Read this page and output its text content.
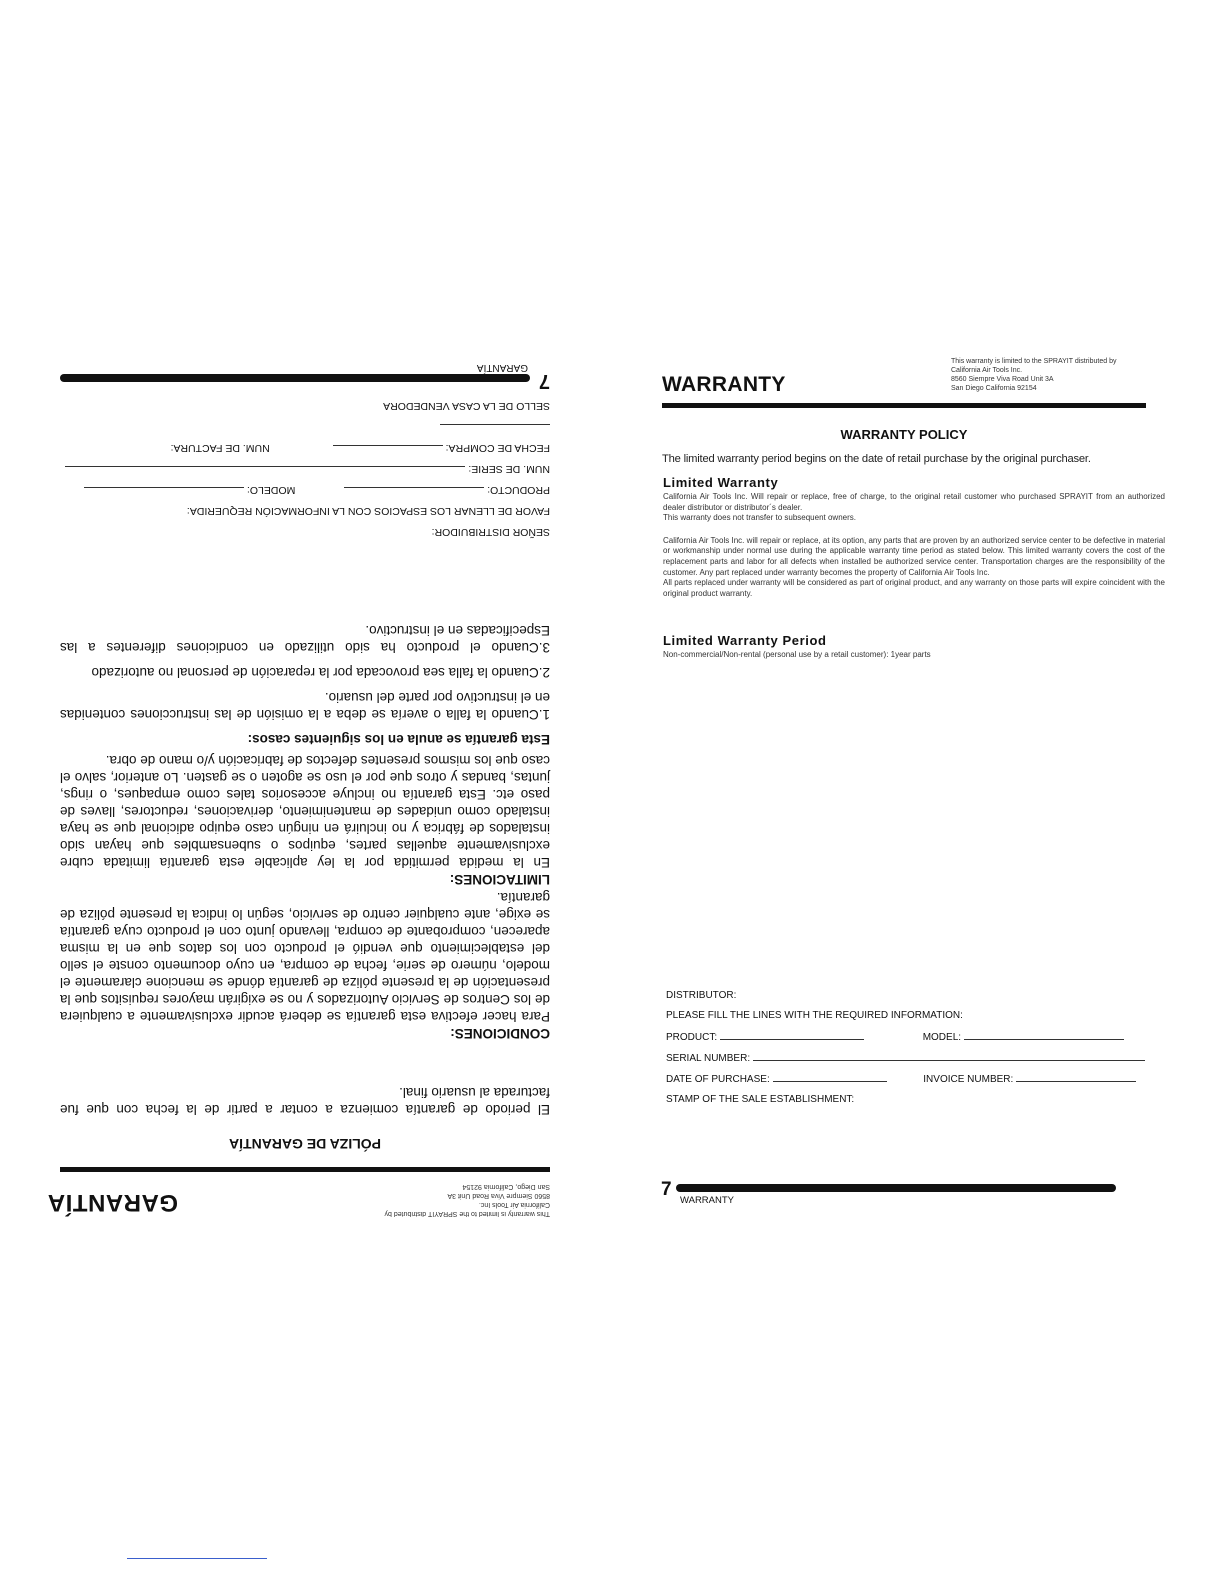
This warranty is limited to the SPRAYIT distributed by
California Air Tools Inc.
8560 Siempre Viva Road Unit 3A
San Diego, California 92154
GARANTÍA
PÓLIZA DE GARANTÍA
El periodo de garantía comienza a contar a partir de la fecha con que fue facturada al usuario final.
CONDICIONES:
Para hacer efectiva esta garantía se deberá acudir exclusivamente a cualquiera de los Centros de Servicio Autorizados y no se exigirán mayores requisitos que la presentación de la presente póliza de garantía dónde se mencione claramente el modelo, número de serie, fecha de compra, en cuyo documento conste el sello del establecimiento que vendió el producto con los datos que en la misma aparecen, comprobante de compra, llevando junto con el producto cuya garantía se exige, ante cualquier centro de servicio, según lo indica la presente póliza de garantía.
LIMITACIONES:
En la medida permitida por la ley aplicable esta garantía limitada cubre exclusivamente aquellas partes, equipos o subensambles que hayan sido instalados de fábrica y no incluirá en ningún caso equipo adicional que se haya instalado como unidades de mantenimiento, derivaciones, reductores, llaves de paso etc. Esta garantía no incluye accesorios tales como empaques, o rings, juntas, bandas y otros que por el uso se agoten o se gasten. Lo anterior, salvo el caso que los mismos presentes defectos de fabricación y/o mano de obra.
Esta garantía se anula en los siguientes casos:
1.Cuando la falla o avería se deba a la omisión de las instrucciones contenidas en el instructivo por parte del usuario.
2.Cuando la falla sea provocada por la reparación de personal no autorizado
3.Cuando el producto ha sido utilizado en condiciones diferentes a las Especificadas en el instructivo.
SEÑOR DISTRIBUIDOR:
FAVOR DE LLENAR LOS ESPACIOS CON LA INFORMACIÓN REQUERIDA:
PRODUCTO:  MODELO:
NUM. DE SERIE:
FECHA DE COMPRA:  NUM. DE FACTURA:
SELLO DE LA CASA VENDEDORA
7
GARANTÍA
WARRANTY
This warranty is limited to the SPRAYIT distributed by
California Air Tools Inc.
8560 Siempre Viva Road Unit 3A
San Diego California 92154
WARRANTY POLICY
The limited warranty period begins on the date of retail purchase by the original purchaser.
Limited Warranty

California Air Tools Inc. Will repair or replace, free of charge, to the original retail customer who purchased SPRAYIT from an authorized dealer distributor or distributor´s dealer.

This warranty does not transfer to subsequent owners.

California Air Tools Inc. will repair or replace, at its option, any parts that are proven by an authorized service center to be defective in material or workmanship under normal use during the applicable warranty time period as stated below. This limited warranty covers the cost of the replacement parts and labor for all defects when installed be authorized service center. Transportation charges are the responsibility of the customer. Any part replaced under warranty becomes the property of California Air Tools Inc.

All parts replaced under warranty will be considered as part of original product, and any warranty on those parts will expire coincident with the original product warranty.

Limited Warranty Period
Non-commercial/Non-rental (personal use by a retail customer): 1year parts
DISTRIBUTOR:
PLEASE FILL THE LINES WITH THE REQUIRED INFORMATION:
PRODUCT:	MODEL:
SERIAL NUMBER:
DATE OF PURCHASE:	INVOICE NUMBER:
STAMP OF THE SALE ESTABLISHMENT:
7
WARRANTY
